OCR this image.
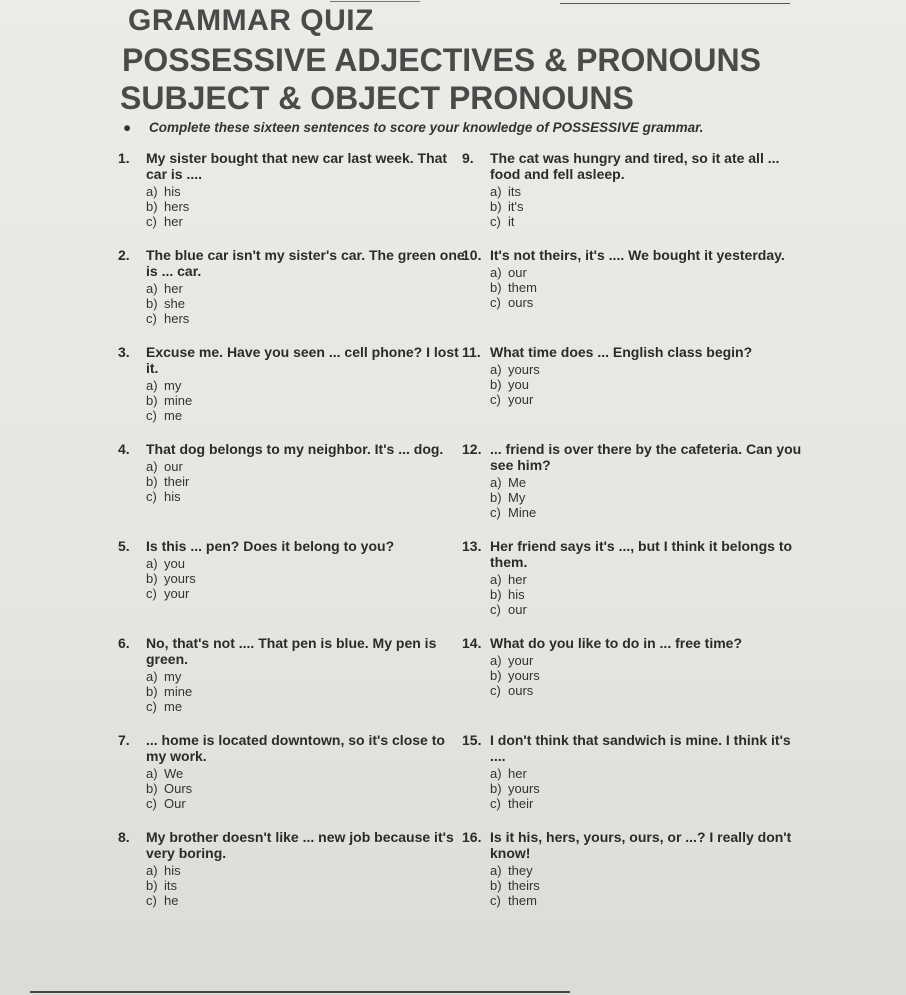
GRAMMAR QUIZ
POSSESSIVE ADJECTIVES & PRONOUNS
SUBJECT & OBJECT PRONOUNS
● Complete these sixteen sentences to score your knowledge of POSSESSIVE grammar.
1.	My sister bought that new car last week. That car is ....
a) his
b) hers
c) her
2.	The blue car isn't my sister's car. The green one is ... car.
a) her
b) she
c) hers
3.	Excuse me. Have you seen ... cell phone? I lost it.
a) my
b) mine
c) me
4.	That dog belongs to my neighbor. It's ... dog.
a) our
b) their
c) his
5.	Is this ... pen? Does it belong to you?
a) you
b) yours
c) your
6.	No, that's not .... That pen is blue. My pen is green.
a) my
b) mine
c) me
7.	... home is located downtown, so it's close to my work.
a) We
b) Ours
c) Our
8.	My brother doesn't like ... new job because it's very boring.
a) his
b) its
c) he
9.	The cat was hungry and tired, so it ate all ... food and fell asleep.
a) its
b) it's
c) it
10. It's not theirs, it's .... We bought it yesterday.
a) our
b) them
c) ours
11. What time does ... English class begin?
a) yours
b) you
c) your
12. ... friend is over there by the cafeteria. Can you see him?
a) Me
b) My
c) Mine
13. Her friend says it's ..., but I think it belongs to them.
a) her
b) his
c) our
14. What do you like to do in ... free time?
a) your
b) yours
c) ours
15. I don't think that sandwich is mine. I think it's ....
a) her
b) yours
c) their
16. Is it his, hers, yours, ours, or ...? I really don't know!
a) they
b) theirs
c) them
